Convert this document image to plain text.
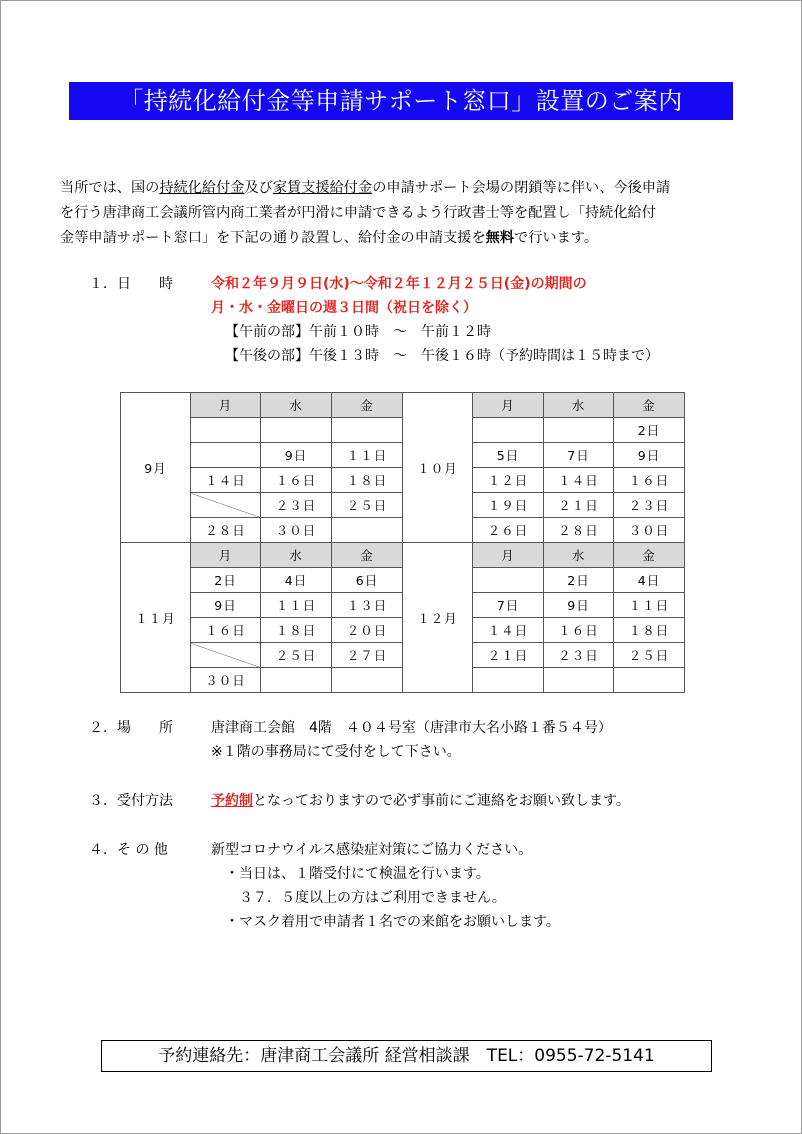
「持続化給付金等申請サポート窓口」設置のご案内
当所では、国の持続化給付金及び家賃支援給付金の申請サポート会場の閉鎖等に伴い、今後申請
を行う唐津商工会議所管内商工業者が円滑に申請できるよう行政書士等を配置し「持続化給付
金等申請サポート窓口」を下記の通り設置し、給付金の申請支援を無料で行います。
１．日　　時	令和２年９月９日(水)～令和２年１２月２５日(金)の期間の
月・水・金曜日の週３日間（祝日を除く）
【午前の部】午前１０時　～　午前１２時
【午後の部】午後１３時　～　午後１６時（予約時間は１５時まで）
9月	月	水	金	１０月	月	水	金
							2日
		9日	１１日		5日	7日	9日
	１４日	１６日	１８日		１２日	１４日	１６日
		２３日	２５日		１９日	２１日	２３日
	２８日	３０日			２６日	２８日	３０日
１１月	月	水	金	１２月	月	水	金
	2日	4日	6日			2日	4日
	9日	１１日	１３日		7日	9日	１１日
	１６日	１８日	２０日		１４日	１６日	１８日
		２５日	２７日		２１日	２３日	２５日
	３０日						
２．場　　所	唐津商工会館　4階　４０４号室（唐津市大名小路１番５４号）
※１階の事務局にて受付をして下さい。
３．受付方法	予約制となっておりますので必ず事前にご連絡をお願い致します。
４．そ の 他	新型コロナウイルス感染症対策にご協力ください。
・当日は、１階受付にて検温を行います。
３７．５度以上の方はご利用できません。
・マスク着用で申請者１名での来館をお願いします。
予約連絡先：唐津商工会議所 経営相談課　TEL：0955-72-5141
